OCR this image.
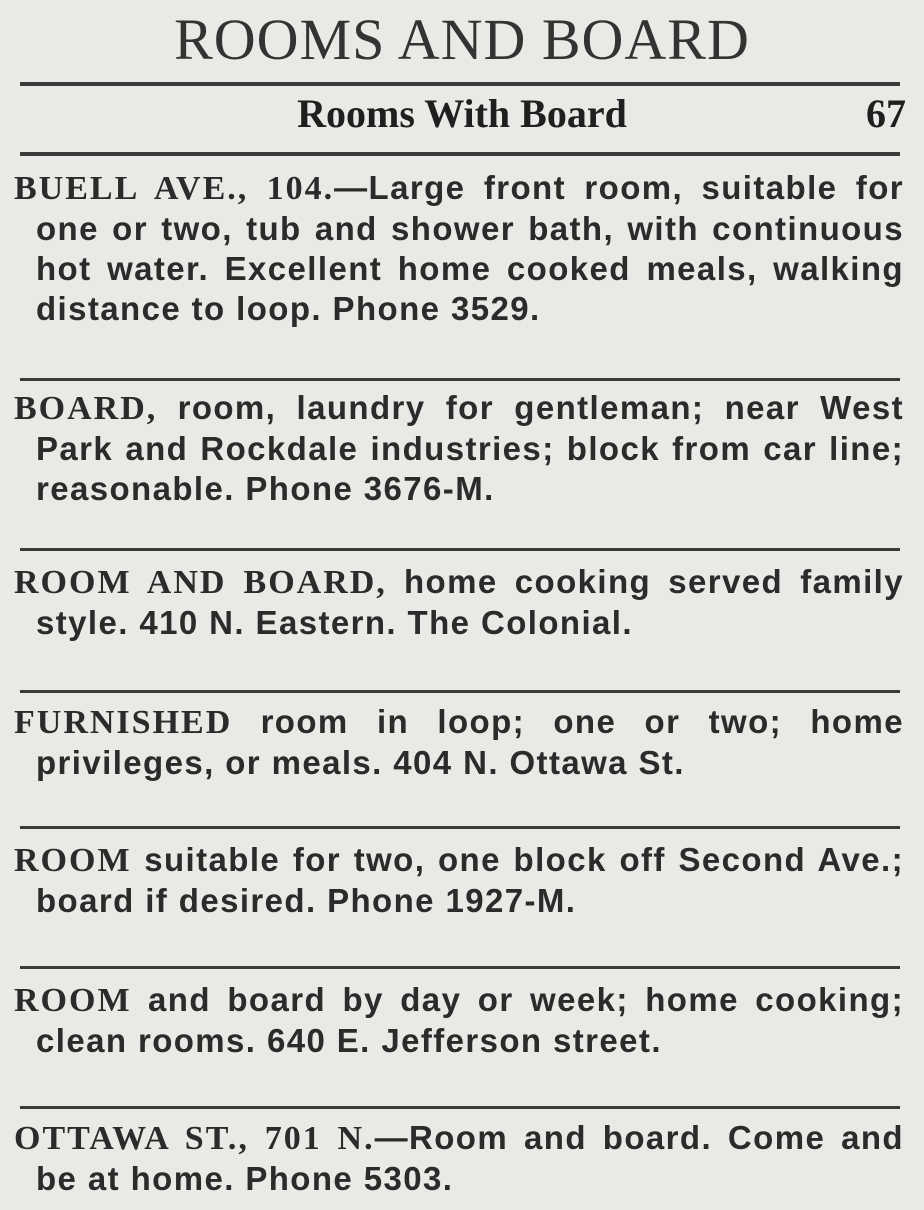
ROOMS AND BOARD
Rooms With Board	67

BUELL AVE., 104.—Large front room, suitable for one or two, tub and shower bath, with continuous hot water. Excellent home cooked meals, walking distance to loop. Phone 3529.

BOARD, room, laundry for gentleman; near West Park and Rockdale industries; block from car line; reasonable. Phone 3676-M.

ROOM AND BOARD, home cooking served family style. 410 N. Eastern. The Colonial.

FURNISHED room in loop; one or two; home privileges, or meals. 404 N. Ottawa St.

ROOM suitable for two, one block off Second Ave.; board if desired. Phone 1927-M.

ROOM and board by day or week; home cooking; clean rooms. 640 E. Jefferson street.

OTTAWA ST., 701 N.—Room and board. Come and be at home. Phone 5303.
